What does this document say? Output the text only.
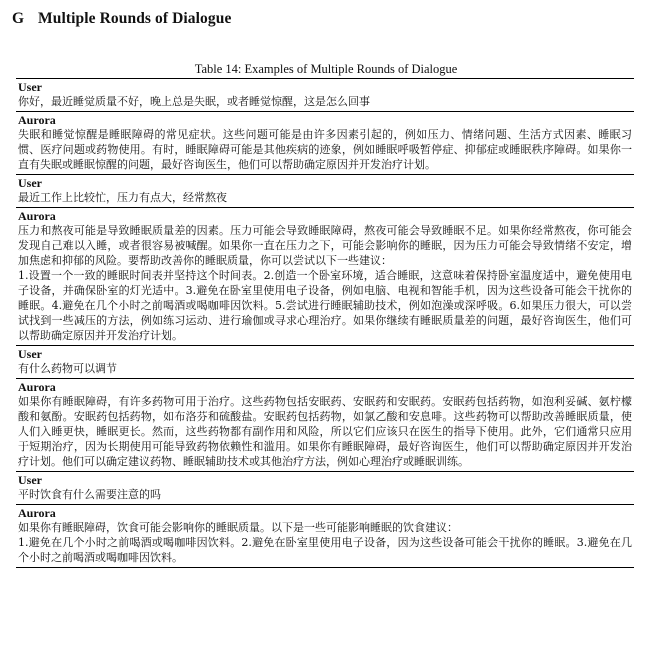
G Multiple Rounds of Dialogue
Table 14: Examples of Multiple Rounds of Dialogue
User
你好，最近睡觉质量不好，晚上总是失眠，或者睡觉惊醒，这是怎么回事
Aurora
失眠和睡觉惊醒是睡眠障碍的常见症状。这些问题可能是由许多因素引起的，例如压力、情绪问题、生活方式因素、睡眠习惯、医疗问题或药物使用。有时，睡眠障碍可能是其他疾病的迹象，例如睡眠呼吸暂停症、抑郁症或睡眠秩序障碍。如果你一直有失眠或睡眠惊醒的问题，最好咨询医生，他们可以帮助确定原因并开发治疗计划。
User
最近工作上比较忙，压力有点大，经常熬夜
Aurora
压力和熬夜可能是导致睡眠质量差的因素。压力可能会导致睡眠障碍，熬夜可能会导致睡眠不足。如果你经常熬夜，你可能会发现自己难以入睡，或者很容易被喊醒。如果你一直在压力之下，可能会影响你的睡眠，因为压力可能会导致情绪不安定，增加焦虑和抑郁的风险。要帮助改善你的睡眠质量，你可以尝试以下一些建议：
1.设置一个一致的睡眠时间表并坚持这个时间表。2.创造一个卧室环境，适合睡眠，这意味着保持卧室温度适中，避免使用电子设备，并确保卧室的灯光适中。3.避免在卧室里使用电子设备，例如电脑、电视和智能手机，因为这些设备可能会干扰你的睡眠。4.避免在几个小时之前喝酒或喝咖啡因饮料。5.尝试进行睡眠辅助技术，例如泡澡或深呼吸。6.如果压力很大，可以尝试找到一些减压的方法，例如练习运动、进行瑜伽或寻求心理治疗。如果你继续有睡眠质量差的问题，最好咨询医生，他们可以帮助确定原因并开发治疗计划。
User
有什么药物可以调节
Aurora
如果你有睡眠障碍，有许多药物可用于治疗。这些药物包括安眠药、安眠药和安眠药。安眠药包括药物，如泡利妥碱、氨柠檬酸和氨酚。安眠药包括药物，如布洛芬和硫酸盐。安眠药包括药物，如氯乙酸和安息啡。这些药物可以帮助改善睡眠质量，使人们入睡更快，睡眠更长。然而，这些药物都有副作用和风险，所以它们应该只在医生的指导下使用。此外，它们通常只应用于短期治疗，因为长期使用可能导致药物依赖性和滥用。如果你有睡眠障碍，最好咨询医生，他们可以帮助确定原因并开发治疗计划。他们可以确定建议药物、睡眠辅助技术或其他治疗方法，例如心理治疗或睡眠训练。
User
平时饮食有什么需要注意的吗
Aurora
如果你有睡眠障碍，饮食可能会影响你的睡眠质量。以下是一些可能影响睡眠的饮食建议：
1.避免在几个小时之前喝酒或喝咖啡因饮料。2.避免在卧室里使用电子设备，因为这些设备可能会干扰你的睡眠。3.避免在几个小时之前喝酒或喝咖啡因饮料。
